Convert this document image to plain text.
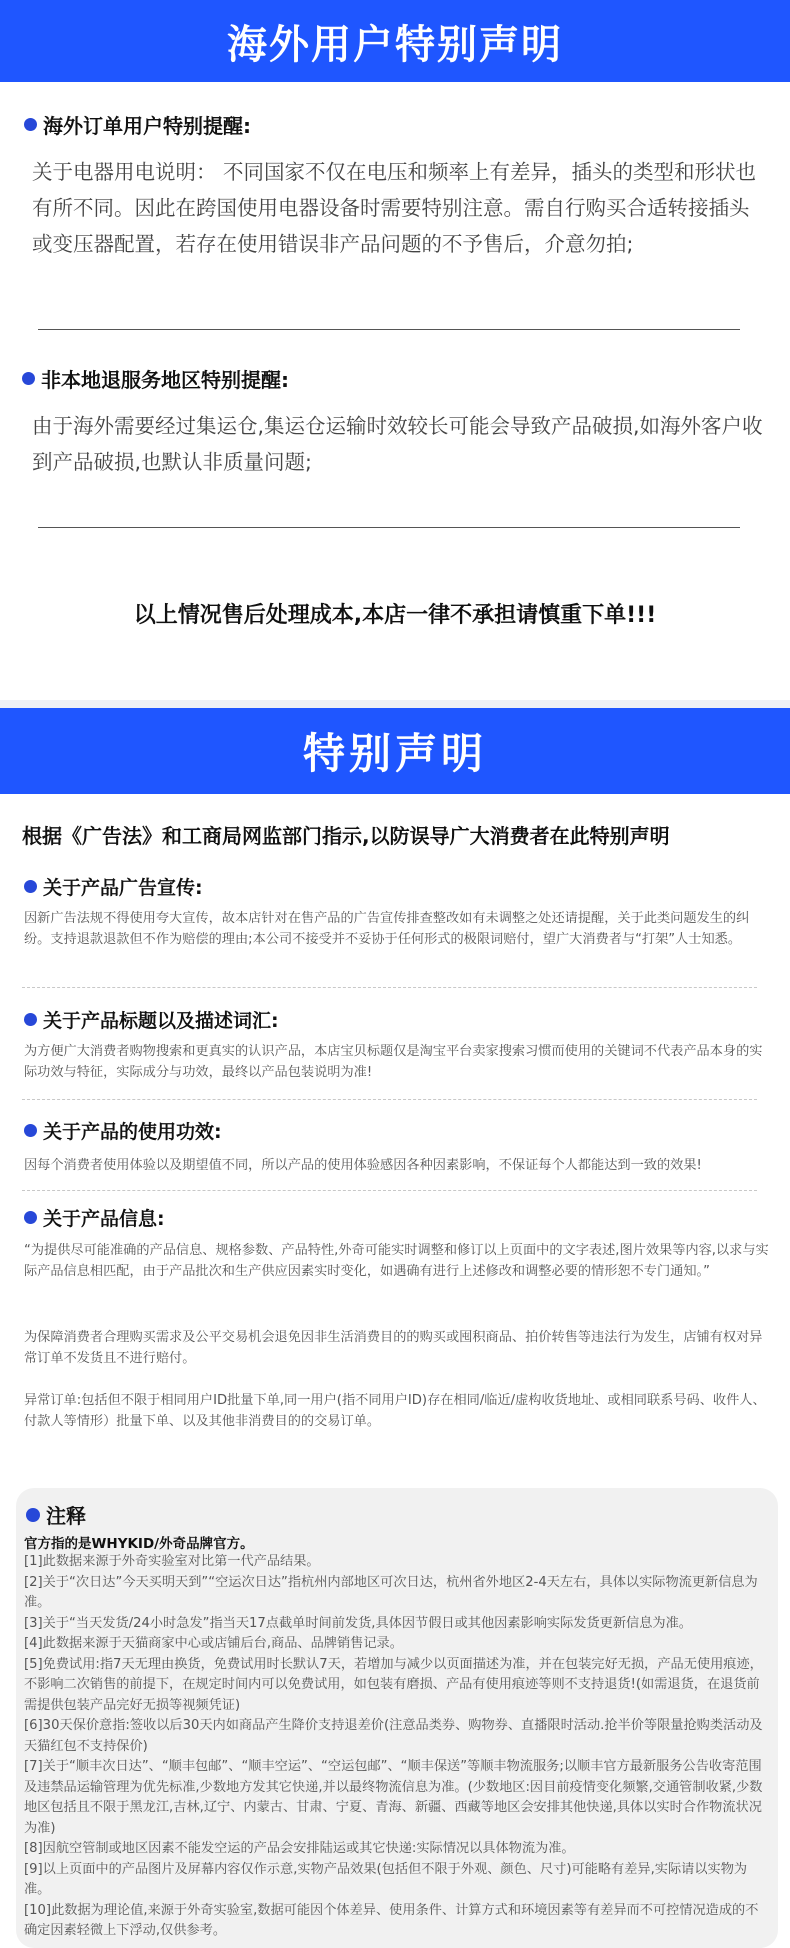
海外用户特别声明
海外订单用户特别提醒:
关于电器用电说明： 不同国家不仅在电压和频率上有差异，插头的类型和形状也有所不同。因此在跨国使用电器设备时需要特别注意。需自行购买合适转接插头或变压器配置，若存在使用错误非产品问题的不予售后，介意勿拍;
非本地退服务地区特别提醒:
由于海外需要经过集运仓,集运仓运输时效较长可能会导致产品破损,如海外客户收到产品破损,也默认非质量问题;
以上情况售后处理成本,本店一律不承担请慎重下单!!!
特别声明
根据《广告法》和工商局网监部门指示,以防误导广大消费者在此特别声明
关于产品广告宣传:
因新广告法规不得使用夸大宣传，故本店针对在售产品的广告宣传排查整改如有未调整之处还请提醒，关于此类问题发生的纠纷。支持退款退款但不作为赔偿的理由;本公司不接受并不妥协于任何形式的极限词赔付，望广大消费者与“打架”人士知悉。
关于产品标题以及描述词汇:
为方便广大消费者购物搜索和更真实的认识产品，本店宝贝标题仅是淘宝平台卖家搜索习惯而使用的关键词不代表产品本身的实际功效与特征，实际成分与功效，最终以产品包装说明为准!
关于产品的使用功效:
因每个消费者使用体验以及期望值不同，所以产品的使用体验感因各种因素影响，不保证每个人都能达到一致的效果!
关于产品信息:
“为提供尽可能准确的产品信息、规格参数、产品特性,外奇可能实时调整和修订以上页面中的文字表述,图片效果等内容,以求与实际产品信息相匹配，由于产品批次和生产供应因素实时变化，如遇确有进行上述修改和调整必要的情形恕不专门通知。”
为保障消费者合理购买需求及公平交易机会退免因非生活消费目的的购买或囤积商品、拍价转售等违法行为发生，店铺有权对异常订单不发货且不进行赔付。
异常订单:包括但不限于相同用户ID批量下单,同一用户(指不同用户ID)存在相同/临近/虚构收货地址、或相同联系号码、收件人、付款人等情形）批量下单、以及其他非消费目的的交易订单。
注释
官方指的是WHYKID/外奇品牌官方。

[1]此数据来源于外奇实验室对比第一代产品结果。

[2]关于“次日达”今天买明天到”“空运次日达”指杭州内部地区可次日达，杭州省外地区2-4天左右，具体以实际物流更新信息为准。

[3]关于“当天发货/24小时急发”指当天17点截单时间前发货,具体因节假日或其他因素影响实际发货更新信息为准。

[4]此数据来源于天猫商家中心或店铺后台,商品、品牌销售记录。

[5]免费试用:指7天无理由换货，免费试用时长默认7天，若增加与减少以页面描述为准，并在包装完好无损，产品无使用痕迹，不影响二次销售的前提下，在规定时间内可以免费试用，如包装有磨损、产品有使用痕迹等则不支持退货!(如需退货，在退货前需提供包装产品完好无损等视频凭证)

[6]30天保价意指:签收以后30天内如商品产生降价支持退差价(注意品类券、购物券、直播限时活动.抢半价等限量抢购类活动及天猫红包不支持保价)

[7]关于“顺丰次日达”、“顺丰包邮”、“顺丰空运”、“空运包邮”、“顺丰保送”等顺丰物流服务;以顺丰官方最新服务公告收寄范围及违禁品运输管理为优先标准,少数地方发其它快递,并以最终物流信息为准。(少数地区:因目前疫情变化频繁,交通管制收紧,少数地区包括且不限于黑龙江,吉林,辽宁、内蒙古、甘肃、宁夏、青海、新疆、西藏等地区会安排其他快递,具体以实时合作物流状况为准)

[8]因航空管制或地区因素不能发空运的产品会安排陆运或其它快递:实际情况以具体物流为准。

[9]以上页面中的产品图片及屏幕内容仅作示意,实物产品效果(包括但不限于外观、颜色、尺寸)可能略有差异,实际请以实物为准。

[10]此数据为理论值,来源于外奇实验室,数据可能因个体差异、使用条件、计算方式和环境因素等有差异而不可控情况造成的不确定因素轻微上下浮动,仅供参考。
